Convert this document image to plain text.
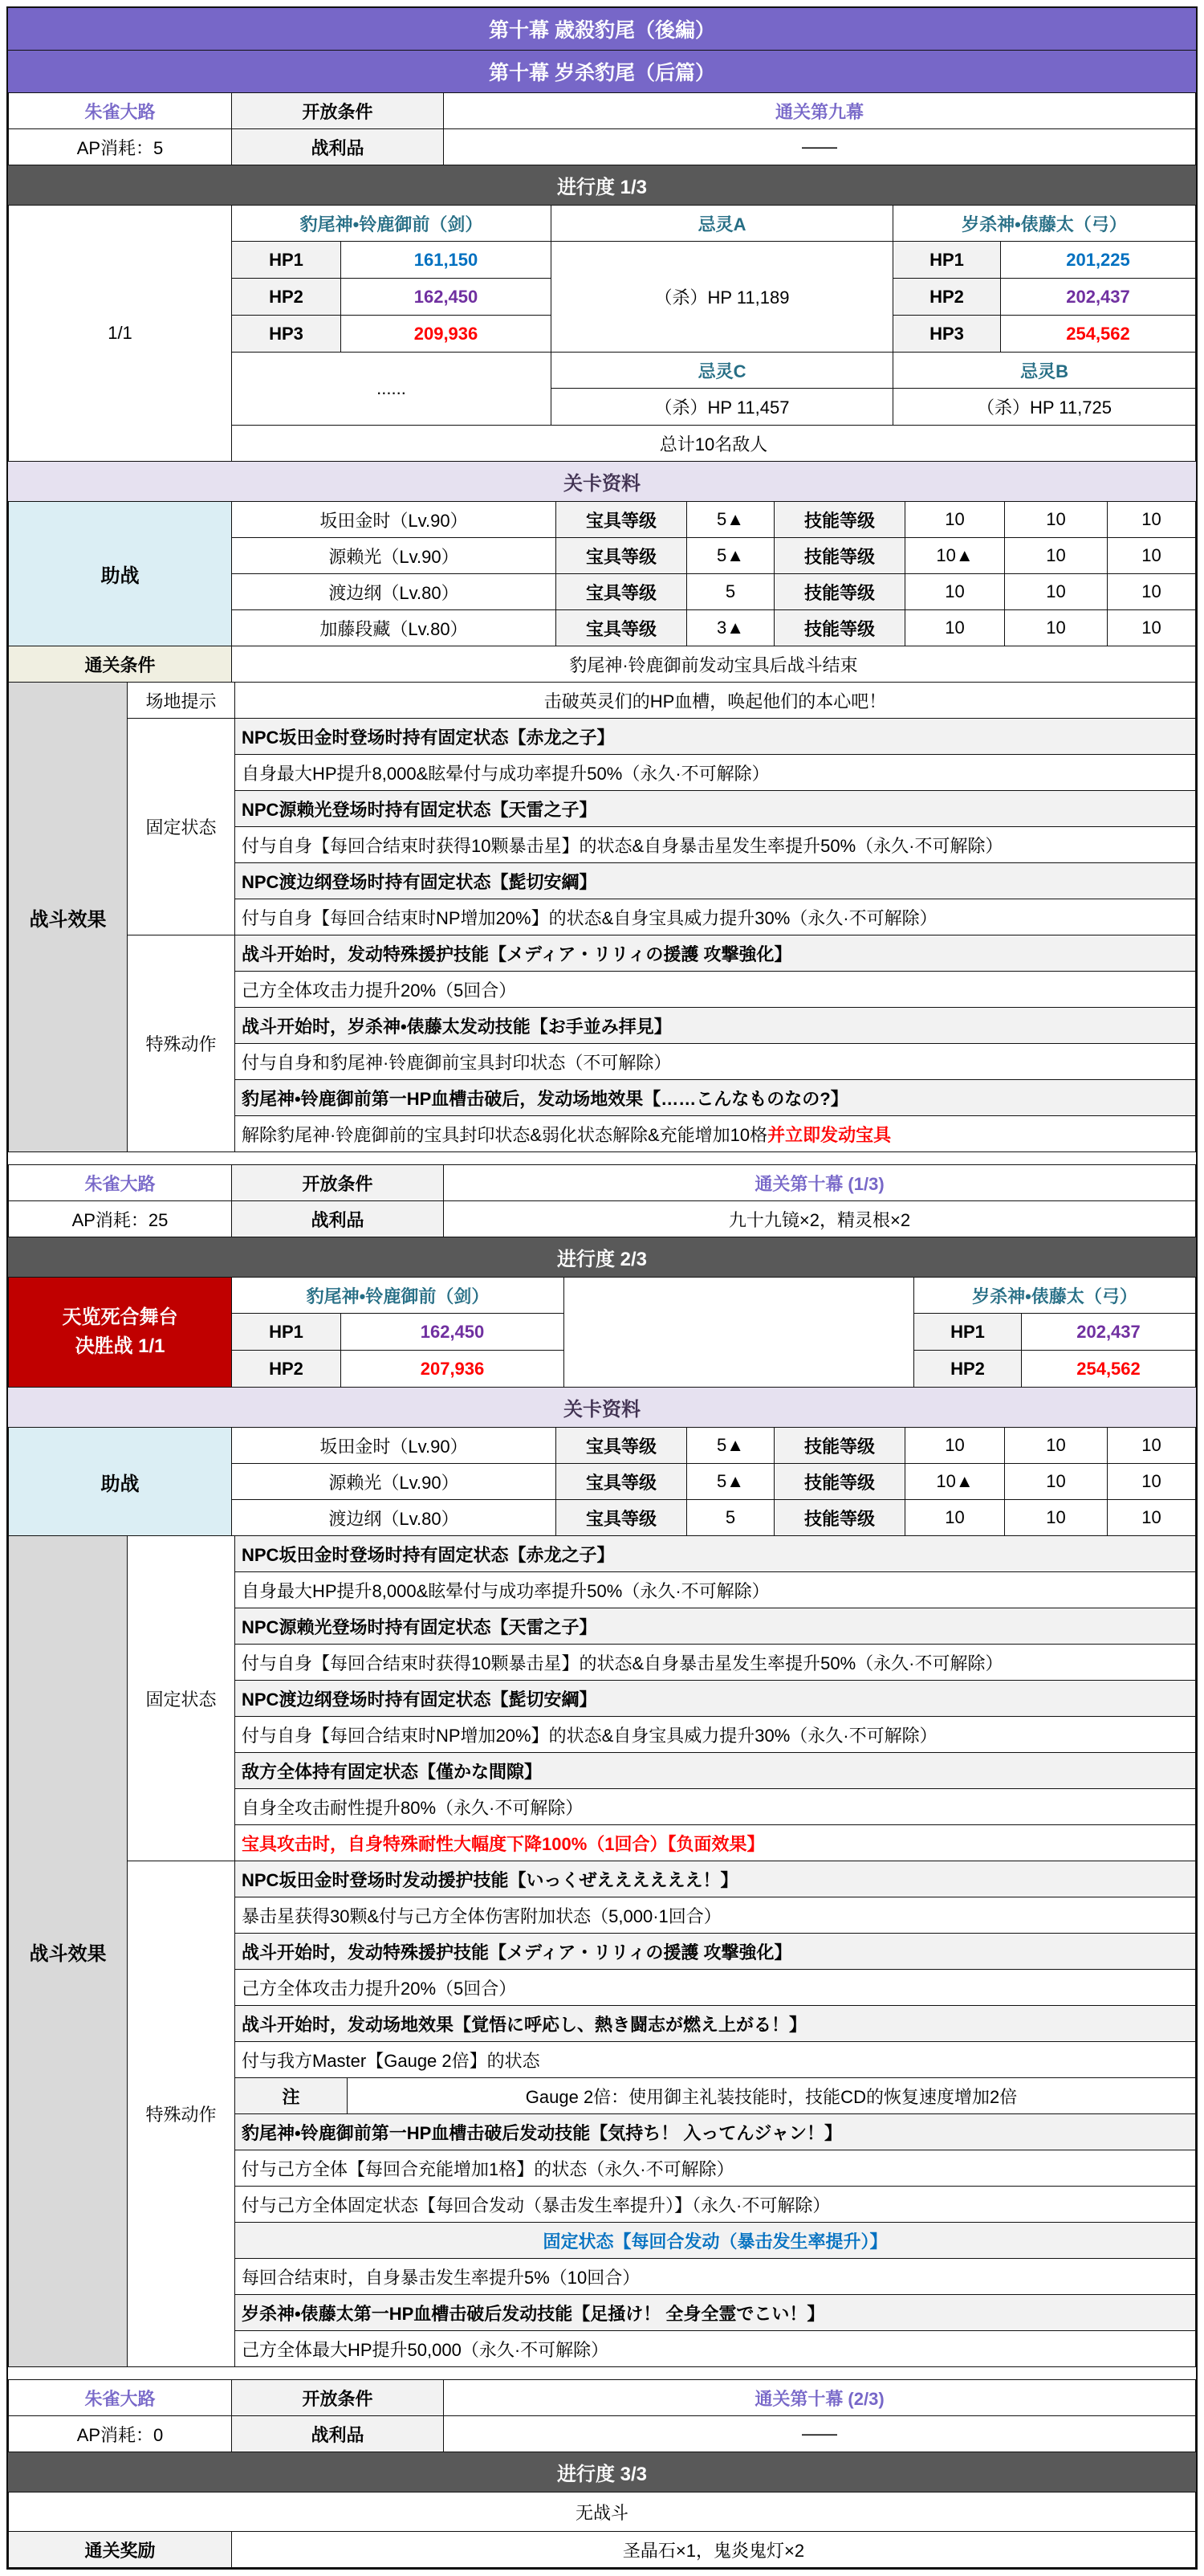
第十幕 歳殺豹尾（後編）
第十幕 岁杀豹尾（后篇）
朱雀大路	开放条件	通关第九幕
AP消耗：5	战利品	——
进行度 1/3
1/1	豹尾神•铃鹿御前（剑）		忌灵A	岁杀神•俵藤太（弓）	
	HP1	161,150	（杀）HP 11,189	HP1	201,225
	HP2	162,450		HP2	202,437
	HP3	209,936		HP3	254,562
	......		忌灵C	忌灵B	
			（杀）HP 11,457	（杀）HP 11,725	
	总计10名敌人				
关卡资料
助战	坂田金时（Lv.90）	宝具等级	5▲	技能等级	10	10	10
	源赖光（Lv.90）	宝具等级	5▲	技能等级	10▲	10	10
	渡边纲（Lv.80）	宝具等级	5	技能等级	10	10	10
	加藤段藏（Lv.80）	宝具等级	3▲	技能等级	10	10	10
通关条件	豹尾神·铃鹿御前发动宝具后战斗结束
战斗效果	场地提示	击破英灵们的HP血槽，唤起他们的本心吧！
	固定状态	NPC坂田金时登场时持有固定状态【赤龙之子】
		自身最大HP提升8,000&眩晕付与成功率提升50%（永久·不可解除）
		NPC源赖光登场时持有固定状态【天雷之子】
		付与自身【每回合结束时获得10颗暴击星】的状态&自身暴击星发生率提升50%（永久·不可解除）
		NPC渡边纲登场时持有固定状态【髭切安綱】
		付与自身【每回合结束时NP增加20%】的状态&自身宝具威力提升30%（永久·不可解除）
	特殊动作	战斗开始时，发动特殊援护技能【メディア・リリィの援護 攻撃強化】
		己方全体攻击力提升20%（5回合）
		战斗开始时，岁杀神•俵藤太发动技能【お手並み拝見】
		付与自身和豹尾神·铃鹿御前宝具封印状态（不可解除）
		豹尾神•铃鹿御前第一HP血槽击破后，发动场地效果【……こんなものなの?】
		解除豹尾神·铃鹿御前的宝具封印状态&弱化状态解除&充能增加10格并立即发动宝具
朱雀大路	开放条件	通关第十幕 (1/3)
AP消耗：25	战利品	九十九镜×2，精灵根×2
进行度 2/3
天览死合舞台
决胜战 1/1	豹尾神•铃鹿御前（剑）			岁杀神•俵藤太（弓）	
	HP1	162,450		HP1	202,437
	HP2	207,936		HP2	254,562
关卡资料
助战	坂田金时（Lv.90）	宝具等级	5▲	技能等级	10	10	10
	源赖光（Lv.90）	宝具等级	5▲	技能等级	10▲	10	10
	渡边纲（Lv.80）	宝具等级	5	技能等级	10	10	10
战斗效果	固定状态	NPC坂田金时登场时持有固定状态【赤龙之子】	
		自身最大HP提升8,000&眩晕付与成功率提升50%（永久·不可解除）	
		NPC源赖光登场时持有固定状态【天雷之子】	
		付与自身【每回合结束时获得10颗暴击星】的状态&自身暴击星发生率提升50%（永久·不可解除）	
		NPC渡边纲登场时持有固定状态【髭切安綱】	
		付与自身【每回合结束时NP增加20%】的状态&自身宝具威力提升30%（永久·不可解除）	
		敌方全体持有固定状态【僅かな間隙】	
		自身全攻击耐性提升80%（永久·不可解除）	
		宝具攻击时，自身特殊耐性大幅度下降100%（1回合）【负面效果】	
	特殊动作	NPC坂田金时登场时发动援护技能【いっくぜええええええ！】	
		暴击星获得30颗&付与己方全体伤害附加状态（5,000·1回合）	
		战斗开始时，发动特殊援护技能【メディア・リリィの援護 攻撃強化】	
		己方全体攻击力提升20%（5回合）	
		战斗开始时，发动场地效果【覚悟に呼応し、熱き闘志が燃え上がる！】	
		付与我方Master【Gauge 2倍】的状态	
		注	Gauge 2倍：使用御主礼装技能时，技能CD的恢复速度增加2倍
		豹尾神•铃鹿御前第一HP血槽击破后发动技能【気持ち！ 入ってんジャン！】	
		付与己方全体【每回合充能增加1格】的状态（永久·不可解除）	
		付与己方全体固定状态【每回合发动（暴击发生率提升）】（永久·不可解除）	
		固定状态【每回合发动（暴击发生率提升）】	
		每回合结束时，自身暴击发生率提升5%（10回合）	
		岁杀神•俵藤太第一HP血槽击破后发动技能【足掻け！ 全身全霊でこい！】	
		己方全体最大HP提升50,000（永久·不可解除）	
朱雀大路	开放条件	通关第十幕 (2/3)
AP消耗：0	战利品	——
进行度 3/3
无战斗
通关奖励	圣晶石×1，鬼炎鬼灯×2
